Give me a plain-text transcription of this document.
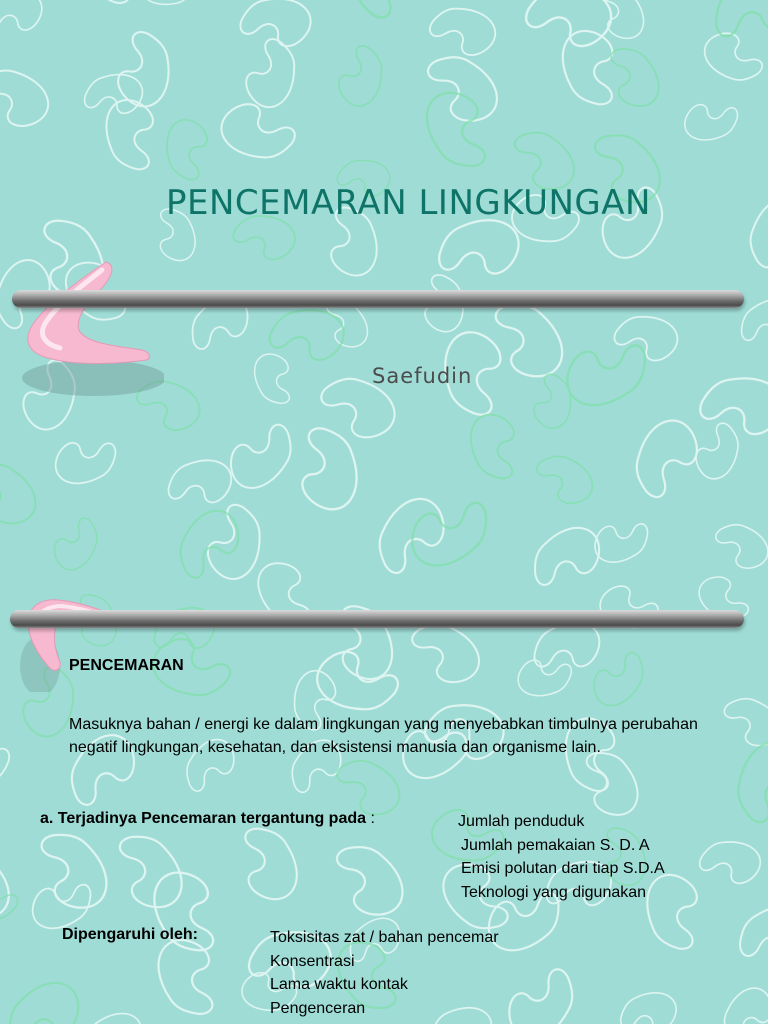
PENCEMARAN LINGKUNGAN
Saefudin
PENCEMARAN
Masuknya bahan / energi ke dalam lingkungan yang menyebabkan timbulnya perubahan negatif lingkungan, kesehatan, dan eksistensi manusia dan organisme lain.
a. Terjadinya Pencemaran tergantung pada :	Jumlah penduduk
Jumlah pemakaian S. D. A
Emisi polutan dari tiap S.D.A
Teknologi yang digunakan
Dipengaruhi oleh:	Toksisitas zat / bahan pencemar
Konsentrasi
Lama waktu kontak
Pengenceran
